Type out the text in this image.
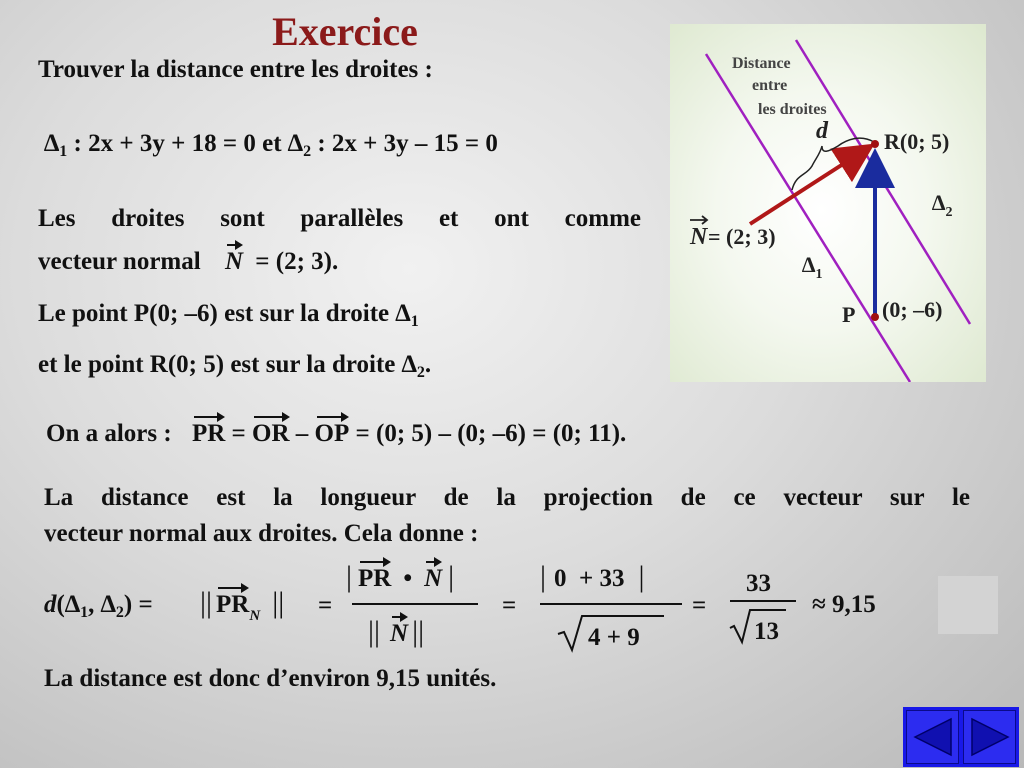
Exercice
Trouver la distance entre les droites :
$\Delta_1$ : 2x + 3y + 18 = 0 et $\Delta_2$ : 2x + 3y – 15 = 0
Les droites sont parallèles et ont comme
vecteur normal N = (2; 3).
Le point P(0; –6) est sur la droite $\Delta_1$
et le point R(0; 5) est sur la droite $\Delta_2$.
On a alors : PR = OR – OP = (0; 5) – (0; –6) = (0; 11).
La distance est la longueur de la projection de ce vecteur sur le
vecteur normal aux droites. Cela donne :
$d(\Delta_1$, $\Delta_2$) = || $PR_N$ || =
| PR • N |
|| N ||
=
| 0  + 33 |
4 + 9
=
33
13
≈ 9,15
La distance est donc d’environ 9,15 unités.
Distance
entre
les droites
d	R(0; 5)
$\Delta_2$
N = (2; 3)
$\Delta_1$
P (0; –6)
